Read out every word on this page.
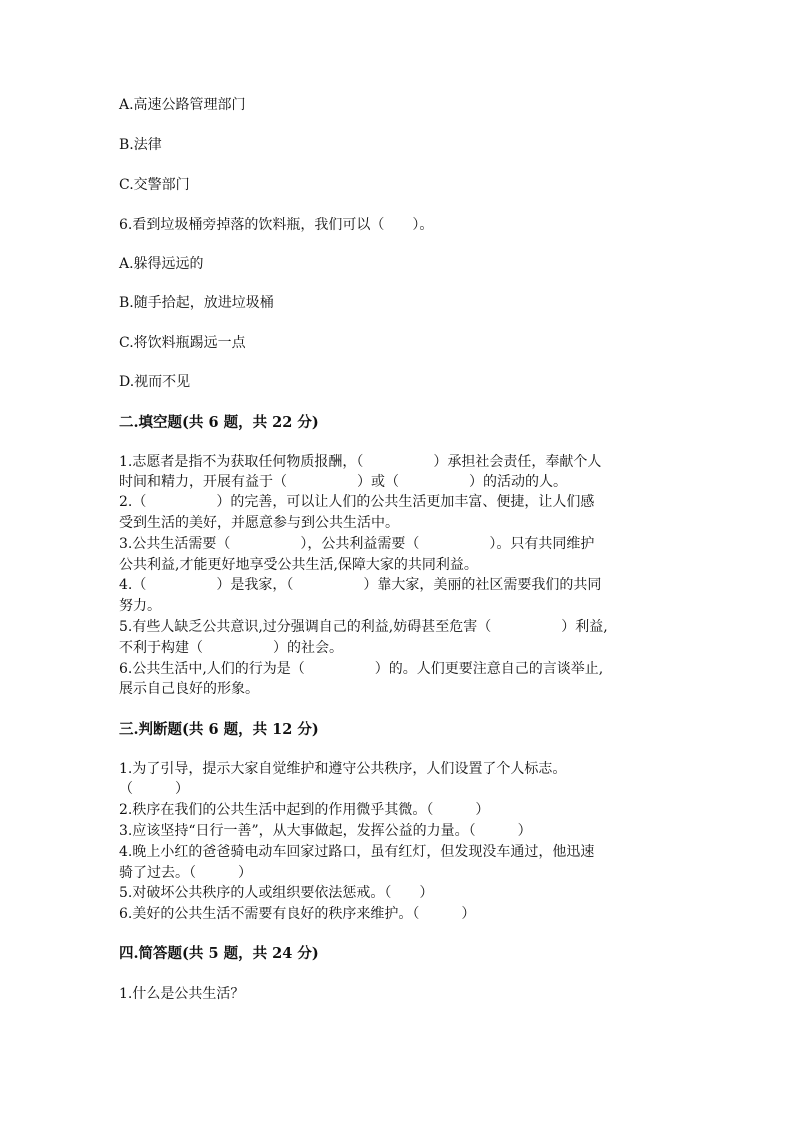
A.高速公路管理部门
B.法律
C.交警部门
6.看到垃圾桶旁掉落的饮料瓶，我们可以（　　）。
A.躲得远远的
B.随手拾起，放进垃圾桶
C.将饮料瓶踢远一点
D.视而不见
二.填空题(共 6 题，共 22 分)
1.志愿者是指不为获取任何物质报酬，（　　　　　）承担社会责任，奉献个人
时间和精力，开展有益于（　　　　　）或（　　　　　）的活动的人。
2.（　　　　　）的完善，可以让人们的公共生活更加丰富、便捷，让人们感
受到生活的美好，并愿意参与到公共生活中。
3.公共生活需要（　　　　　），公共利益需要（　　　　　）。只有共同维护
公共利益,才能更好地享受公共生活,保障大家的共同利益。
4.（　　　　　）是我家，（　　　　　）靠大家，美丽的社区需要我们的共同
努力。
5.有些人缺乏公共意识,过分强调自己的利益,妨碍甚至危害（　　　　　）利益,
不利于构建（　　　　　）的社会。
6.公共生活中,人们的行为是（　　　　　）的。人们更要注意自己的言谈举止,
展示自己良好的形象。
三.判断题(共 6 题，共 12 分)
1.为了引导，提示大家自觉维护和遵守公共秩序，人们设置了个人标志。
（　　　）
2.秩序在我们的公共生活中起到的作用微乎其微。（　　　）
3.应该坚持“日行一善”，从大事做起，发挥公益的力量。（　　　）
4.晚上小红的爸爸骑电动车回家过路口，虽有红灯，但发现没车通过，他迅速
骑了过去。（　　　）
5.对破坏公共秩序的人或组织要依法惩戒。（　　）
6.美好的公共生活不需要有良好的秩序来维护。（　　　）
四.简答题(共 5 题，共 24 分)
1.什么是公共生活？
